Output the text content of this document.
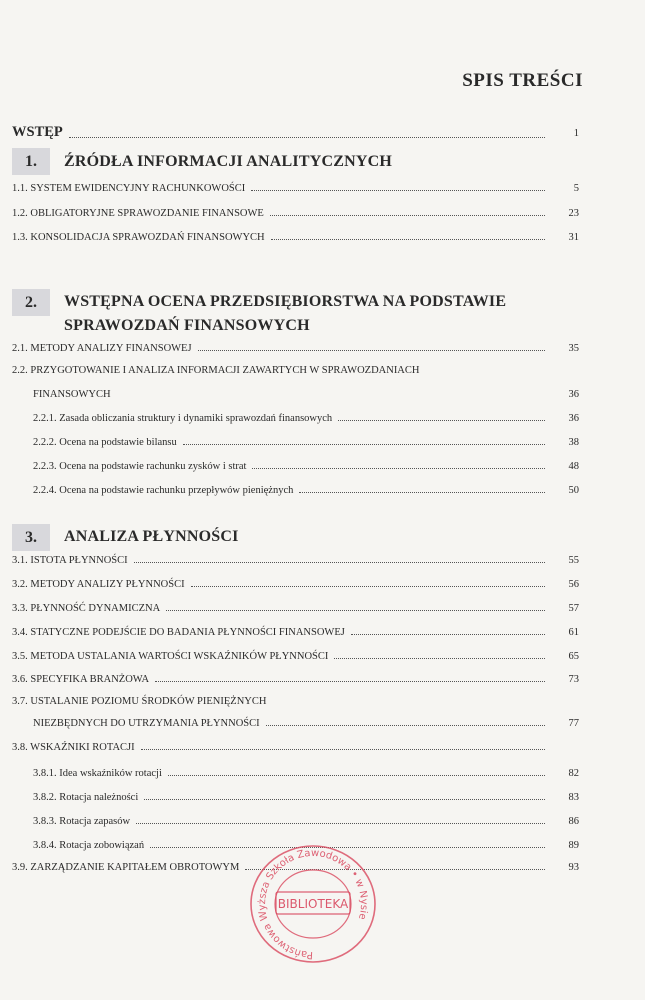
SPIS TREŚCI
WSTĘP	1
1.	ŹRÓDŁA INFORMACJI ANALITYCZNYCH
1.1. SYSTEM EWIDENCYJNY RACHUNKOWOŚCI	5
1.2. OBLIGATORYJNE SPRAWOZDANIE FINANSOWE	23
1.3. KONSOLIDACJA SPRAWOZDAŃ FINANSOWYCH	31
2.	WSTĘPNA OCENA PRZEDSIĘBIORSTWA NA PODSTAWIE
SPRAWOZDAŃ FINANSOWYCH
2.1. METODY ANALIZY FINANSOWEJ	35
2.2. PRZYGOTOWANIE I ANALIZA INFORMACJI ZAWARTYCH W SPRAWOZDANIACH
FINANSOWYCH	36
2.2.1. Zasada obliczania struktury i dynamiki sprawozdań finansowych	36
2.2.2. Ocena na podstawie bilansu	38
2.2.3. Ocena na podstawie rachunku zysków i strat	48
2.2.4. Ocena na podstawie rachunku przepływów pieniężnych	50
3.	ANALIZA PŁYNNOŚCI
3.1. ISTOTA PŁYNNOŚCI	55
3.2. METODY ANALIZY PŁYNNOŚCI	56
3.3. PŁYNNOŚĆ DYNAMICZNA	57
3.4. STATYCZNE PODEJŚCIE DO BADANIA PŁYNNOŚCI FINANSOWEJ	61
3.5. METODA USTALANIA WARTOŚCI WSKAŹNIKÓW PŁYNNOŚCI	65
3.6. SPECYFIKA BRANŻOWA	73
3.7. USTALANIE POZIOMU ŚRODKÓW PIENIĘŻNYCH
NIEZBĘDNYCH DO UTRZYMANIA PŁYNNOŚCI	77
3.8. WSKAŹNIKI ROTACJI
3.8.1. Idea wskaźników rotacji	82
3.8.2. Rotacja należności	83
3.8.3. Rotacja zapasów	86
3.8.4. Rotacja zobowiązań	89
3.9. ZARZĄDZANIE KAPITAŁEM OBROTOWYM	93
Państwowa Wyższa Szkoła Zawodowa • w Nysie
BIBLIOTEKA
